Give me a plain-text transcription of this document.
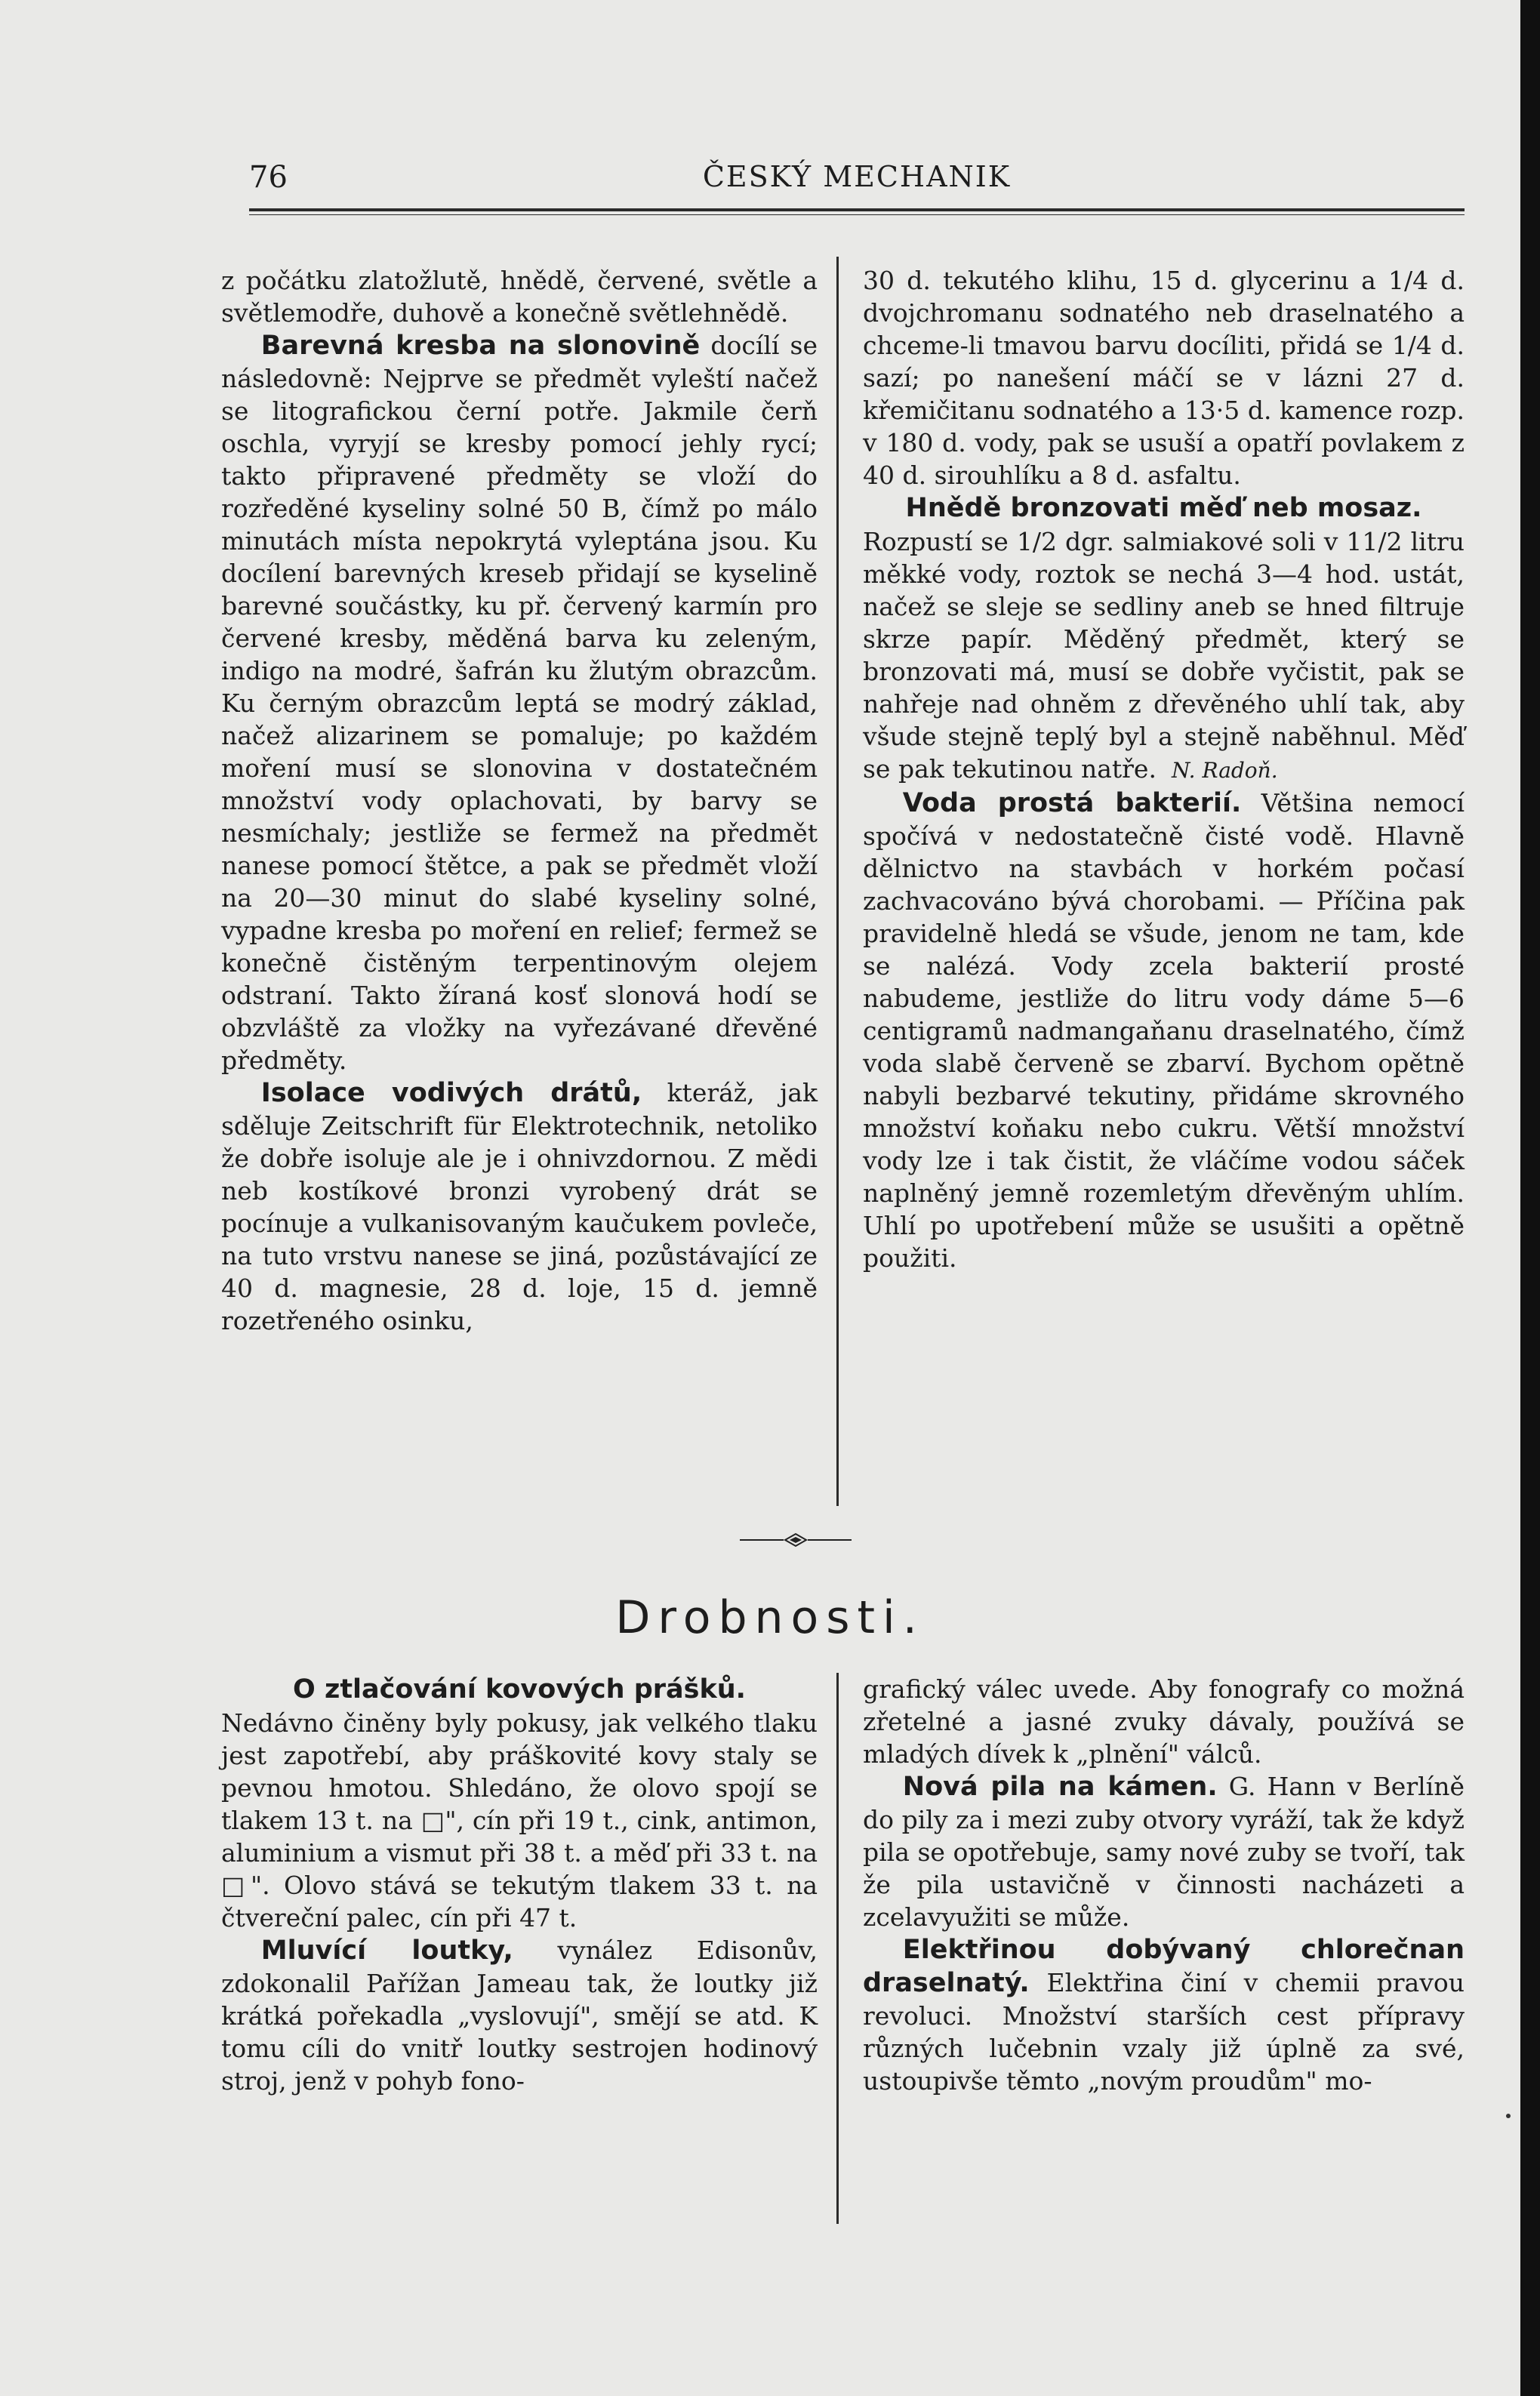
76	ČESKÝ MECHANIK

z počátku zlatožlutě, hnědě, červené, světle a světlemodře, duhově a konečně světlehnědě.

Barevná kresba na slonovině docílí se následovně: Nejprve se předmět vyleští načež se litografickou černí potře. Jakmile čerň oschla, vyryjí se kresby pomocí jehly rycí; takto připravené předměty se vloží do rozředěné kyseliny solné 50 B, čímž po málo minutách místa nepokrytá vyleptána jsou. Ku docílení barevných kreseb přidají se kyselině barevné součástky, ku př. červený karmín pro červené kresby, měděná barva ku zeleným, indigo na modré, šafrán ku žlutým obrazcům. Ku černým obrazcům leptá se modrý základ, načež alizarinem se pomaluje; po každém moření musí se slonovina v dostatečném množství vody oplachovati, by barvy se nesmíchaly; jestliže se fermež na předmět nanese pomocí štětce, a pak se předmět vloží na 20—30 minut do slabé kyseliny solné, vypadne kresba po moření en relief; fermež se konečně čistěným terpentinovým olejem odstraní. Takto žíraná kosť slonová hodí se obzvláště za vložky na vyřezávané dřevěné předměty.

Isolace vodivých drátů, kteráž, jak sděluje Zeitschrift für Elektrotechnik, netoliko že dobře isoluje ale je i ohnivzdornou. Z mědi neb kostíkové bronzi vyrobený drát se pocínuje a vulkanisovaným kaučukem povleče, na tuto vrstvu nanese se jiná, pozůstávající ze 40 d. magnesie, 28 d. loje, 15 d. jemně rozetřeného osinku,

30 d. tekutého klihu, 15 d. glycerinu a 1/4 d. dvojchromanu sodnatého neb draselnatého a chceme-li tmavou barvu docíliti, přidá se 1/4 d. sazí; po nanešení máčí se v lázni 27 d. křemičitanu sodnatého a 13·5 d. kamence rozp. v 180 d. vody, pak se usuší a opatří povlakem z 40 d. sirouhlíku a 8 d. asfaltu.

Hnědě bronzovati měď neb mosaz.

Rozpustí se 1/2 dgr. salmiakové soli v 11/2 litru měkké vody, roztok se nechá 3—4 hod. ustát, načež se sleje se sedliny aneb se hned filtruje skrze papír. Měděný předmět, který se bronzovati má, musí se dobře vyčistit, pak se nahřeje nad ohněm z dřevěného uhlí tak, aby všude stejně teplý byl a stejně naběhnul. Měď se pak tekutinou natře. N. Radoň.

Voda prostá bakterií. Většina nemocí spočívá v nedostatečně čisté vodě. Hlavně dělnictvo na stavbách v horkém počasí zachvacováno bývá chorobami. — Příčina pak pravidelně hledá se všude, jenom ne tam, kde se nalézá. Vody zcela bakterií prosté nabudeme, jestliže do litru vody dáme 5—6 centigramů nadmangaňanu draselnatého, čímž voda slabě červeně se zbarví. Bychom opětně nabyli bezbarvé tekutiny, přidáme skrovného množství koňaku nebo cukru. Větší množství vody lze i tak čistit, že vláčíme vodou sáček naplněný jemně rozemletým dřevěným uhlím. Uhlí po upotřebení může se usušiti a opětně použiti.

Drobnosti.
O ztlačování kovových prášků.

Nedávno činěny byly pokusy, jak velkého tlaku jest zapotřebí, aby práškovité kovy staly se pevnou hmotou. Shledáno, že olovo spojí se tlakem 13 t. na □", cín při 19 t., cink, antimon, aluminium a vismut při 38 t. a měď při 33 t. na □". Olovo stává se tekutým tlakem 33 t. na čtvereční palec, cín při 47 t.

Mluvící loutky, vynález Edisonův, zdokonalil Pařížan Jameau tak, že loutky již krátká pořekadla „vyslovují", smějí se atd. K tomu cíli do vnitř loutky sestrojen hodinový stroj, jenž v pohyb fono-

grafický válec uvede. Aby fonografy co možná zřetelné a jasné zvuky dávaly, používá se mladých dívek k „plnění" válců.

Nová pila na kámen. G. Hann v Berlíně do pily za i mezi zuby otvory vyráží, tak že když pila se opotřebuje, samy nové zuby se tvoří, tak že pila ustavičně v činnosti nacházeti a zcelavyužiti se může.

Elektřinou dobývaný chlorečnan draselnatý. Elektřina činí v chemii pravou revoluci. Množství starších cest přípravy různých lučebnin vzaly již úplně za své, ustoupivše těmto „novým proudům" mo-
